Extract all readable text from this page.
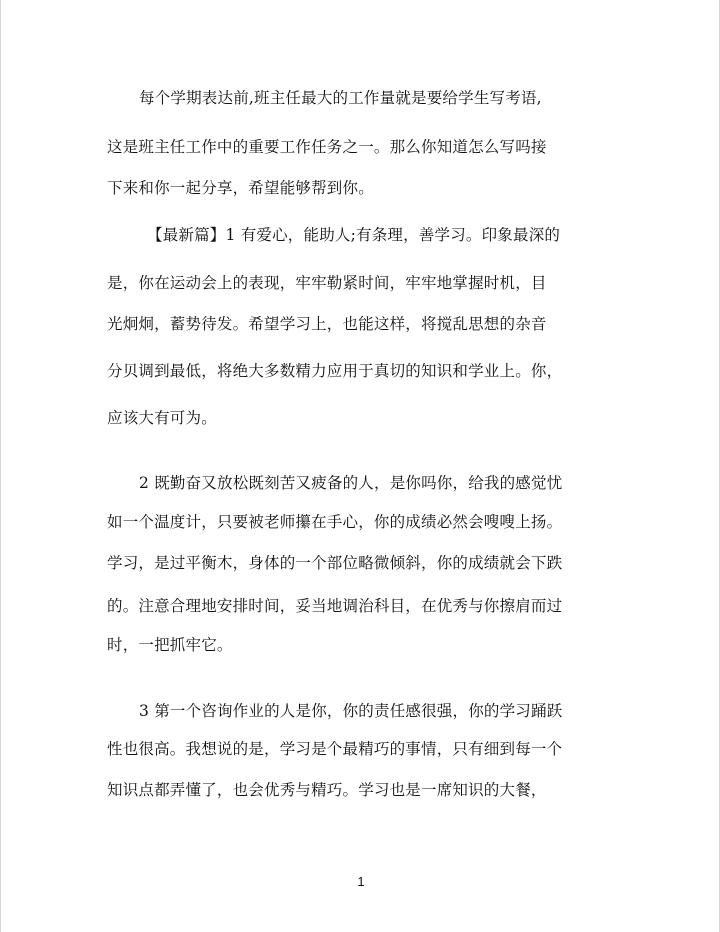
每个学期表达前,班主任最大的工作量就是要给学生写考语,

这是班主任工作中的重要工作任务之一。那么你知道怎么写吗接

下来和你一起分享，希望能够帮到你。

【最新篇】1 有爱心，能助人;有条理，善学习。印象最深的

是，你在运动会上的表现，牢牢勒紧时间，牢牢地掌握时机，目

光炯炯，蓄势待发。希望学习上，也能这样，将搅乱思想的杂音

分贝调到最低，将绝大多数精力应用于真切的知识和学业上。你，

应该大有可为。

2 既勤奋又放松既刻苦又疲备的人，是你吗你，给我的感觉忧

如一个温度计，只要被老师攥在手心，你的成绩必然会嗖嗖上扬。

学习，是过平衡木，身体的一个部位略微倾斜，你的成绩就会下跌

的。注意合理地安排时间，妥当地调治科目，在优秀与你擦肩而过

时，一把抓牢它。

3 第一个咨询作业的人是你，你的责任感很强，你的学习踊跃

性也很高。我想说的是，学习是个最精巧的事情，只有细到每一个

知识点都弄懂了，也会优秀与精巧。学习也是一席知识的大餐，

1
